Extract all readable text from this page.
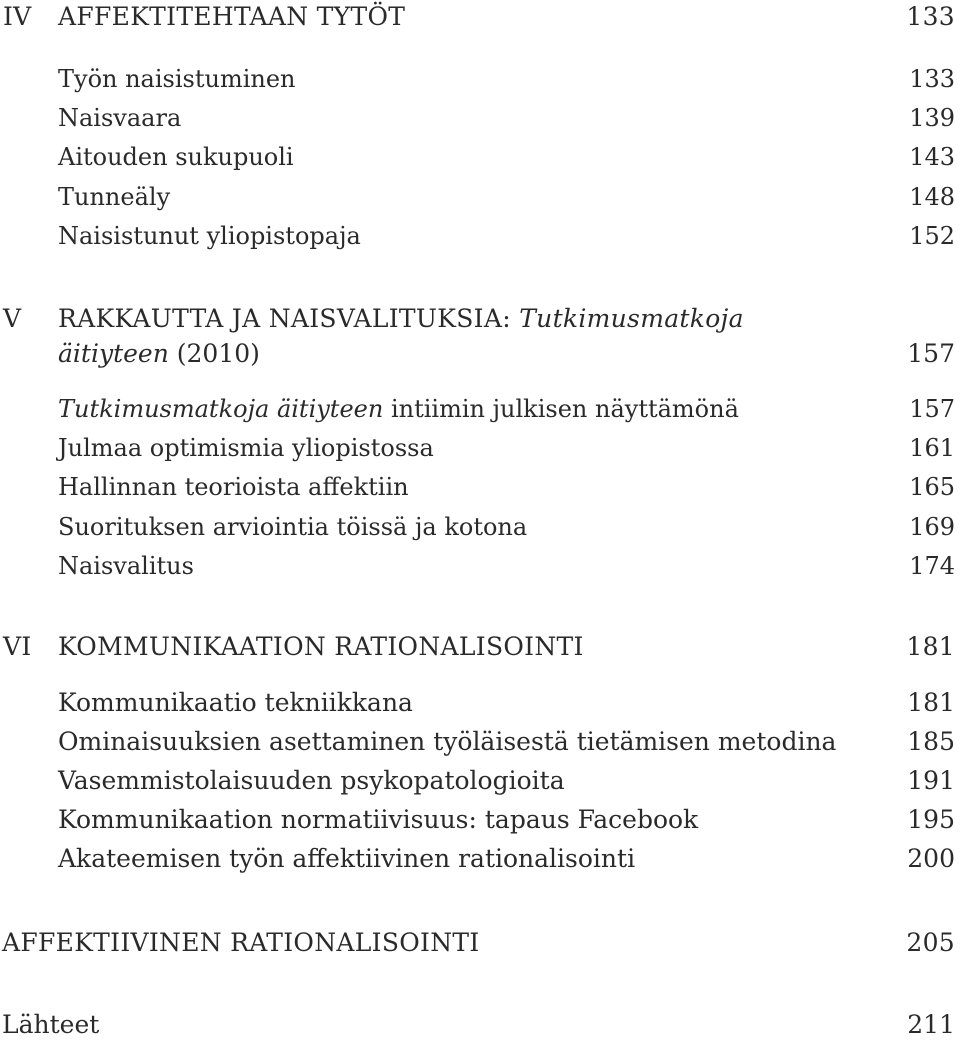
IV AFFEKTITEHTAAN TYTÖT	133
Työn naisistuminen	133
Naisvaara	139
Aitouden sukupuoli	143
Tunneäly	148
Naisistunut yliopistopaja	152
V RAKKAUTTA JA NAISVALITUKSIA: Tutkimusmatkoja
äitiyteen (2010)	157
Tutkimusmatkoja äitiyteen intiimin julkisen näyttämönä	157
Julmaa optimismia yliopistossa	161
Hallinnan teorioista affektiin	165
Suorituksen arviointia töissä ja kotona	169
Naisvalitus	174
VI KOMMUNIKAATION RATIONALISOINTI	181
Kommunikaatio tekniikkana	181
Ominaisuuksien asettaminen työläisestä tietämisen metodina	185
Vasemmistolaisuuden psykopatologioita	191
Kommunikaation normatiivisuus: tapaus Facebook	195
Akateemisen työn affektiivinen rationalisointi	200
AFFEKTIIVINEN RATIONALISOINTI	205
Lähteet	211
